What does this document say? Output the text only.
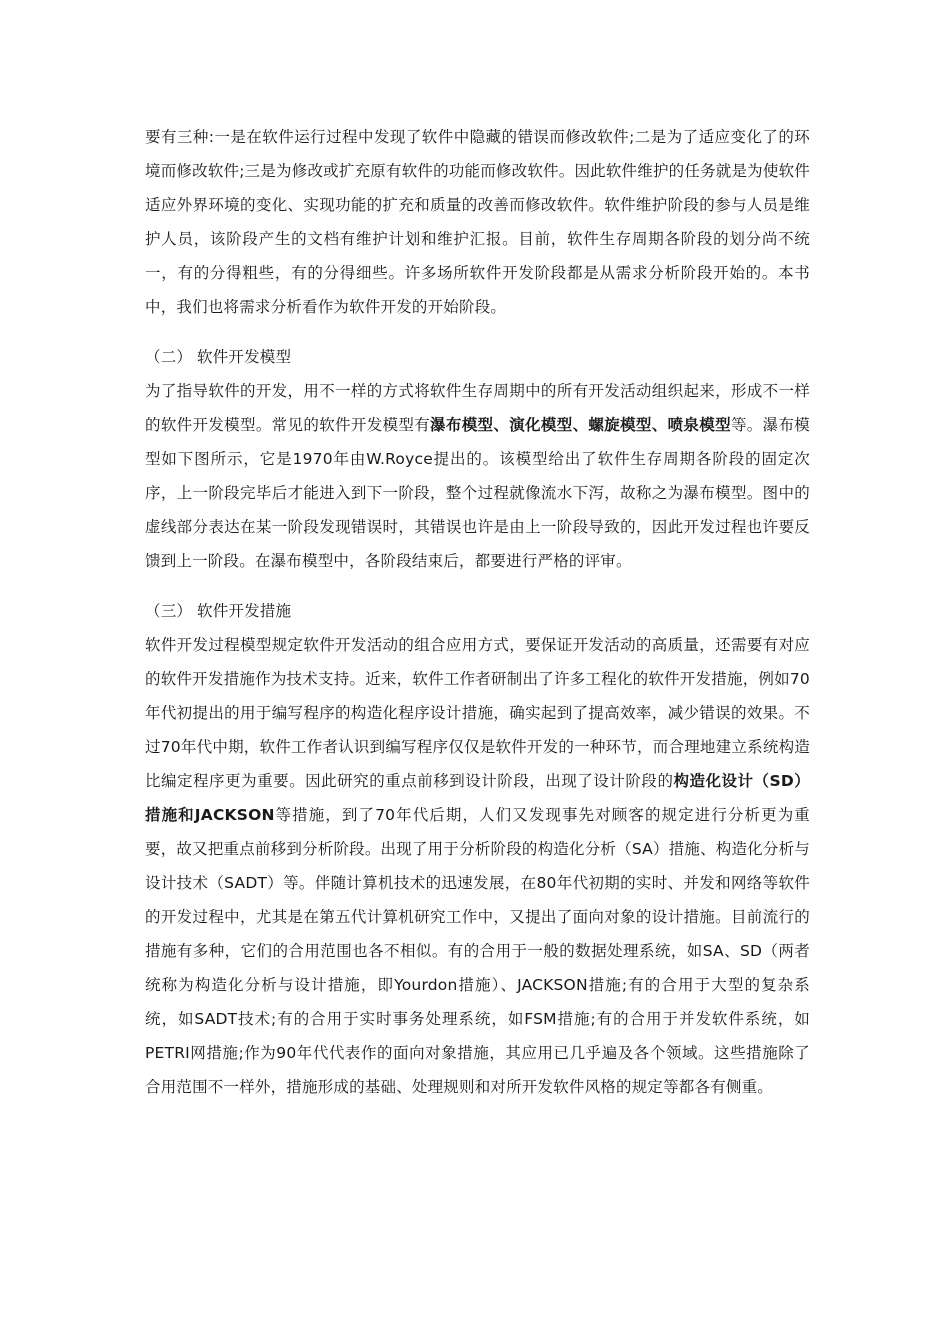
要有三种:一是在软件运行过程中发现了软件中隐藏的错误而修改软件;二是为了适应变化了的环境而修改软件;三是为修改或扩充原有软件的功能而修改软件。因此软件维护的任务就是为使软件适应外界环境的变化、实现功能的扩充和质量的改善而修改软件。软件维护阶段的参与人员是维护人员，该阶段产生的文档有维护计划和维护汇报。目前，软件生存周期各阶段的划分尚不统一，有的分得粗些，有的分得细些。许多场所软件开发阶段都是从需求分析阶段开始的。本书中，我们也将需求分析看作为软件开发的开始阶段。

（二） 软件开发模型

为了指导软件的开发，用不一样的方式将软件生存周期中的所有开发活动组织起来，形成不一样的软件开发模型。常见的软件开发模型有瀑布模型、演化模型、螺旋模型、喷泉模型等。瀑布模型如下图所示，它是1970年由W.Royce提出的。该模型给出了软件生存周期各阶段的固定次序，上一阶段完毕后才能进入到下一阶段，整个过程就像流水下泻，故称之为瀑布模型。图中的虚线部分表达在某一阶段发现错误时，其错误也许是由上一阶段导致的，因此开发过程也许要反馈到上一阶段。在瀑布模型中，各阶段结束后，都要进行严格的评审。

（三） 软件开发措施

软件开发过程模型规定软件开发活动的组合应用方式，要保证开发活动的高质量，还需要有对应的软件开发措施作为技术支持。近来，软件工作者研制出了许多工程化的软件开发措施，例如70年代初提出的用于编写程序的构造化程序设计措施，确实起到了提高效率，减少错误的效果。不过70年代中期，软件工作者认识到编写程序仅仅是软件开发的一种环节，而合理地建立系统构造比编定程序更为重要。因此研究的重点前移到设计阶段，出现了设计阶段的构造化设计（SD）措施和JACKSON等措施，到了70年代后期，人们又发现事先对顾客的规定进行分析更为重要，故又把重点前移到分析阶段。出现了用于分析阶段的构造化分析（SA）措施、构造化分析与设计技术（SADT）等。伴随计算机技术的迅速发展，在80年代初期的实时、并发和网络等软件的开发过程中，尤其是在第五代计算机研究工作中，又提出了面向对象的设计措施。目前流行的措施有多种，它们的合用范围也各不相似。有的合用于一般的数据处理系统，如SA、SD（两者统称为构造化分析与设计措施，即Yourdon措施）、JACKSON措施;有的合用于大型的复杂系统，如SADT技术;有的合用于实时事务处理系统，如FSM措施;有的合用于并发软件系统，如PETRI网措施;作为90年代代表作的面向对象措施，其应用已几乎遍及各个领域。这些措施除了合用范围不一样外，措施形成的基础、处理规则和对所开发软件风格的规定等都各有侧重。
